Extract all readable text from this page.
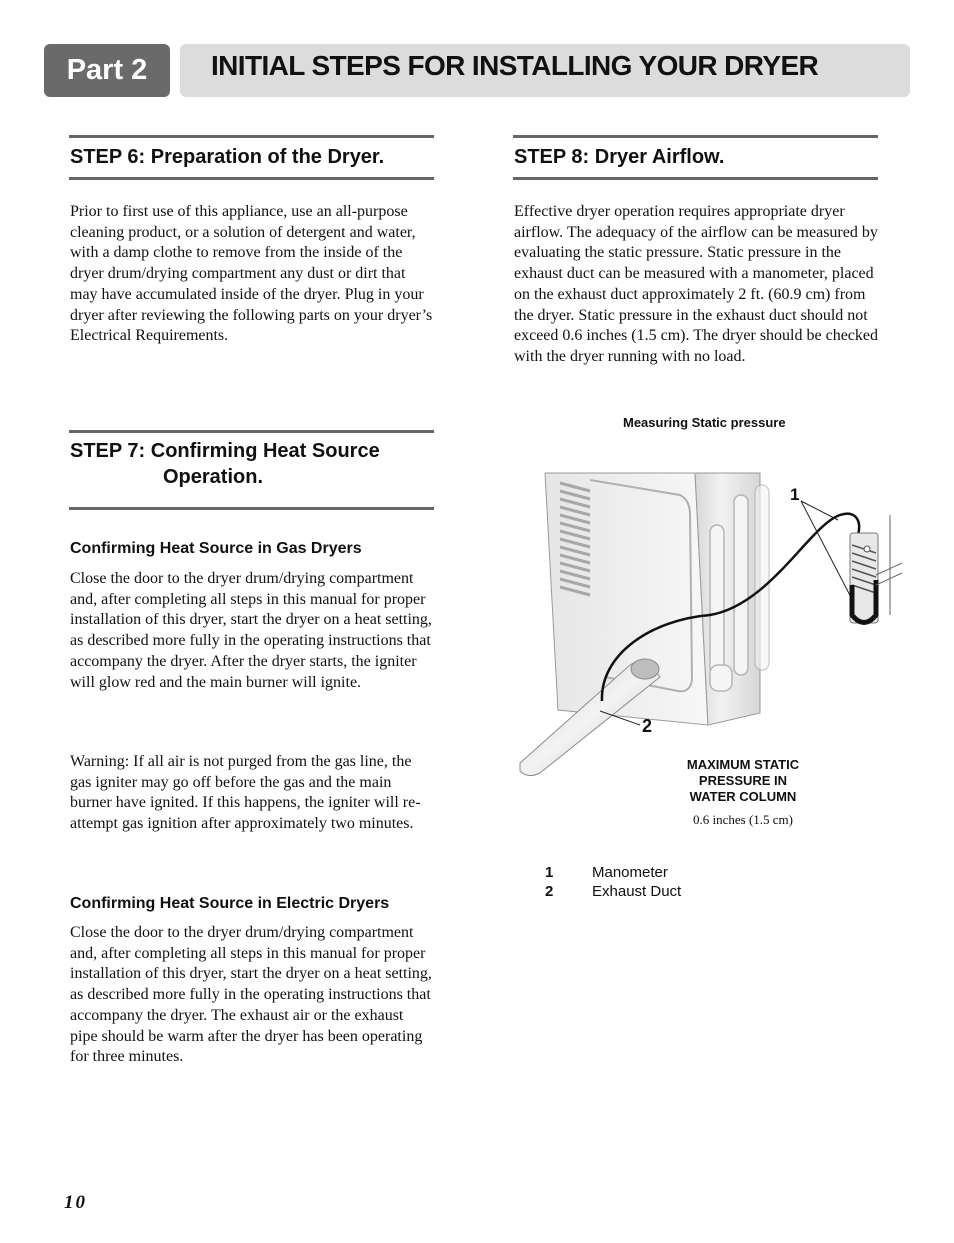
Part 2	INITIAL STEPS FOR INSTALLING YOUR DRYER
STEP 6: Preparation of the Dryer.
Prior to first use of this appliance, use an all-purpose cleaning product, or a solution of detergent and water, with a damp clothe to remove from the inside of the dryer drum/drying compartment any dust or dirt that may have accumulated inside of the dryer. Plug in your dryer after reviewing the following parts on your dryer’s Electrical Requirements.
STEP 7: Confirming Heat Source
Operation.
Confirming Heat Source in Gas Dryers
Close the door to the dryer drum/drying compartment and, after completing all steps in this manual for proper installation of this dryer, start the dryer on a heat setting, as described more fully in the operating instructions that accompany the dryer. After the dryer starts, the igniter will glow red and the main burner will ignite.
Warning: If all air is not purged from the gas line, the gas igniter may go off before the gas and the main burner have ignited. If this happens, the igniter will re-attempt gas ignition after approximately two minutes.
Confirming Heat Source in Electric Dryers
Close the door to the dryer drum/drying compartment and, after completing all steps in this manual for proper installation of this dryer, start the dryer on a heat setting, as described more fully in the operating instructions that accompany the dryer. The exhaust air or the exhaust pipe should be warm after the dryer has been operating for three minutes.
STEP 8: Dryer Airflow.
Effective dryer operation requires appropriate dryer airflow. The adequacy of the airflow can be measured by evaluating the static pressure. Static pressure in the exhaust duct can be measured with a manometer, placed on the exhaust duct approximately 2 ft. (60.9 cm) from the dryer. Static pressure in the exhaust duct should not exceed 0.6 inches (1.5 cm). The dryer should be checked with the dryer running with no load.
Measuring Static pressure
1
2
MAXIMUM STATIC
PRESSURE IN
WATER COLUMN
0.6 inches (1.5 cm)
1	Manometer
2	Exhaust Duct
10
